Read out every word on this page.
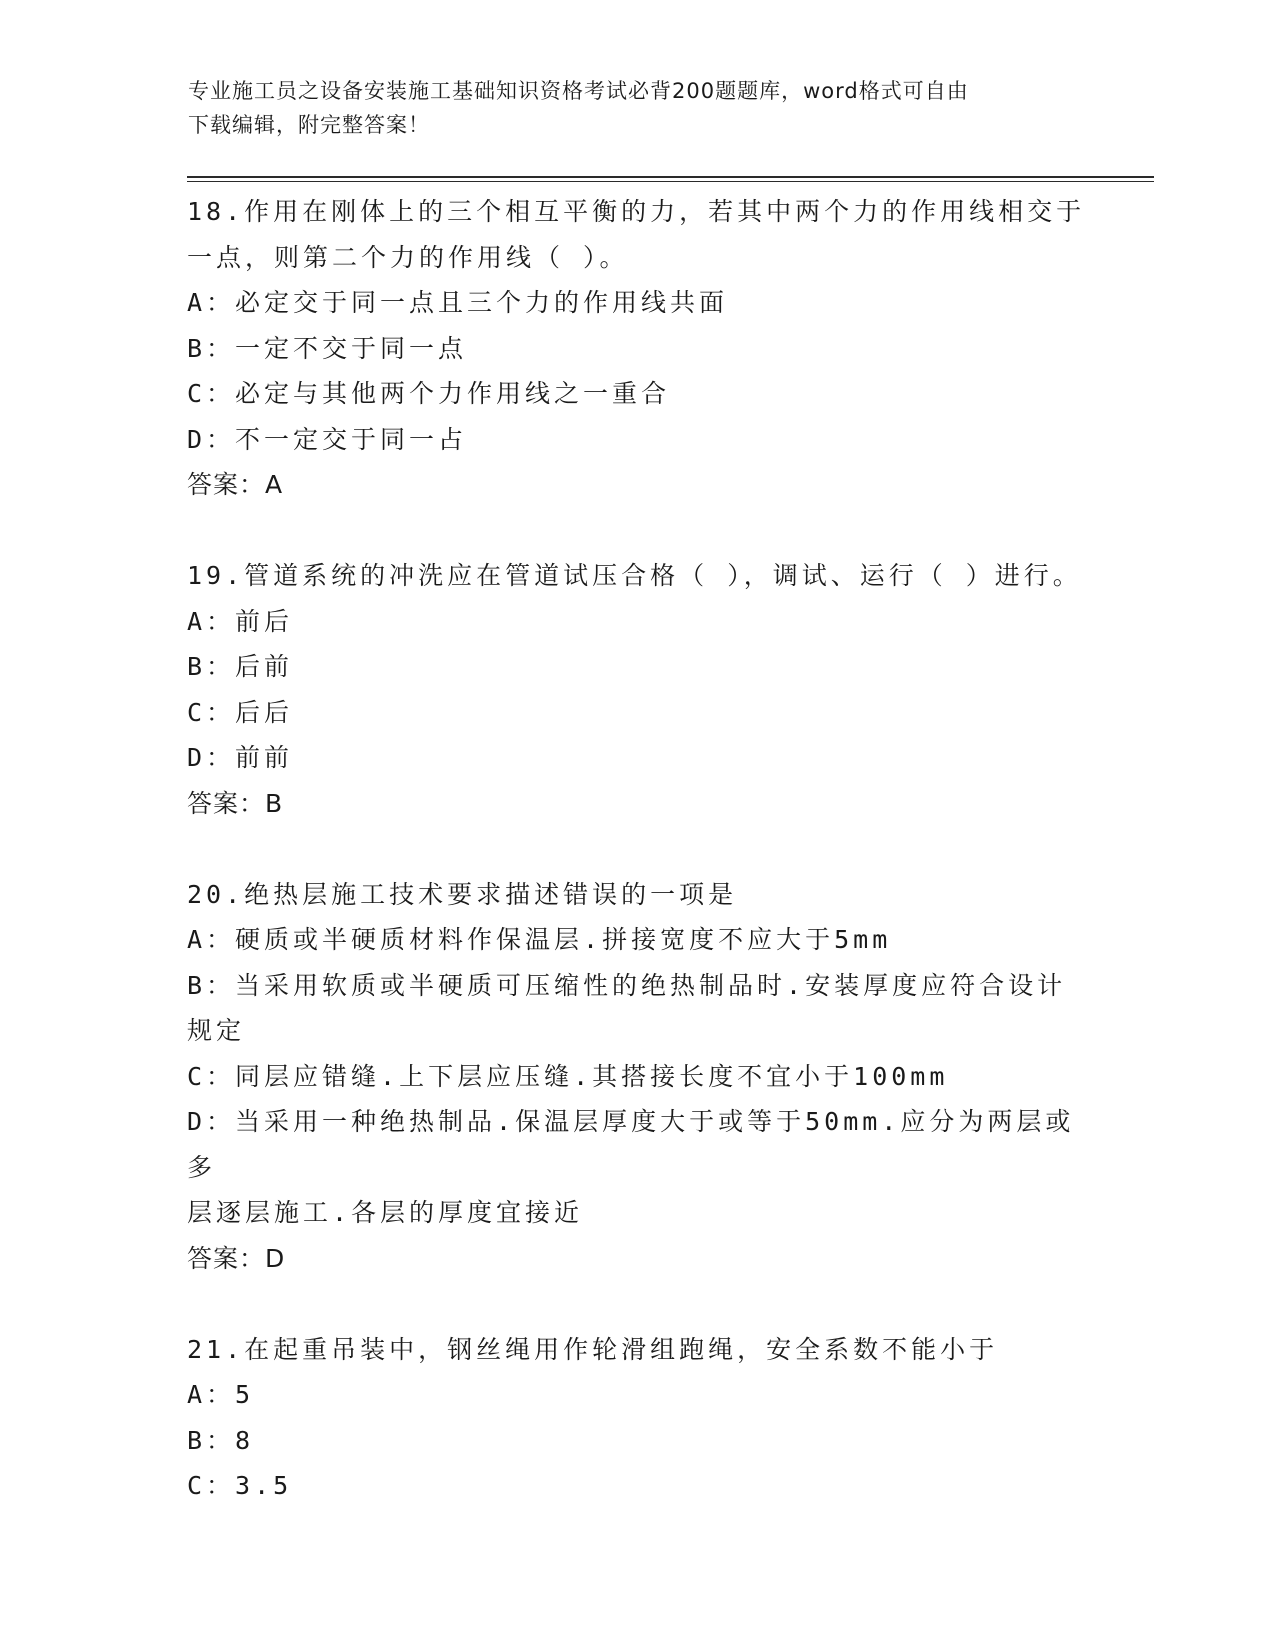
专业施工员之设备安装施工基础知识资格考试必背200题题库，word格式可自由
下载编辑，附完整答案！
18.作用在刚体上的三个相互平衡的力，若其中两个力的作用线相交于
一点，则第二个力的作用线（ ）。
A：必定交于同一点且三个力的作用线共面
B：一定不交于同一点
C：必定与其他两个力作用线之一重合
D：不一定交于同一占
答案：A
19.管道系统的冲洗应在管道试压合格（ ），调试、运行（ ）进行。
A：前后
B：后前
C：后后
D：前前
答案：B
20.绝热层施工技术要求描述错误的一项是
A：硬质或半硬质材料作保温层.拼接宽度不应大于5mm
B：当采用软质或半硬质可压缩性的绝热制品时.安装厚度应符合设计
规定
C：同层应错缝.上下层应压缝.其搭接长度不宜小于100mm
D：当采用一种绝热制品.保温层厚度大于或等于50mm.应分为两层或多
层逐层施工.各层的厚度宜接近
答案：D
21.在起重吊装中，钢丝绳用作轮滑组跑绳，安全系数不能小于
A：5
B：8
C：3.5
